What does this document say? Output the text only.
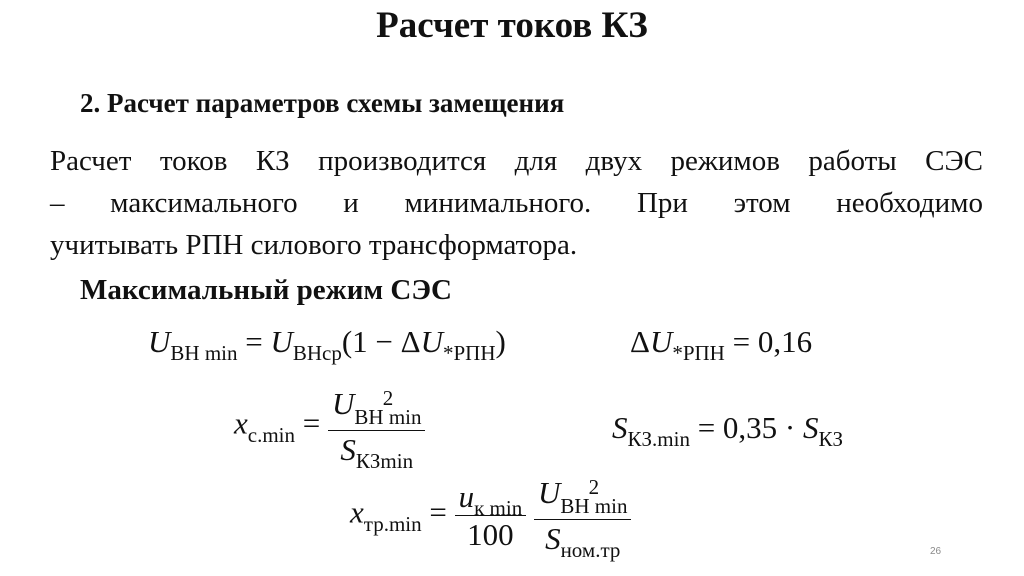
Расчет токов КЗ
2. Расчет параметров схемы замещения
Расчет токов КЗ производится для двух режимов работы СЭС
– максимального и минимального. При этом необходимо
учитывать РПН силового трансформатора.
Максимальный режим СЭС
$U_{ВН min} = U_{ВНср}(1 - \Delta U_{*РПН})$	$\Delta U_{*РПН} = 0,16$
$x_{с.min} = U$	2
ВН min
$S_{КЗmin}$	$S_{КЗ.min} = 0,35 \cdot S_{КЗ}$
$x_{тр.min} = \frac{u_{к min}}{100}$
U	2
ВН min
$S_{ном.тр}$	26
